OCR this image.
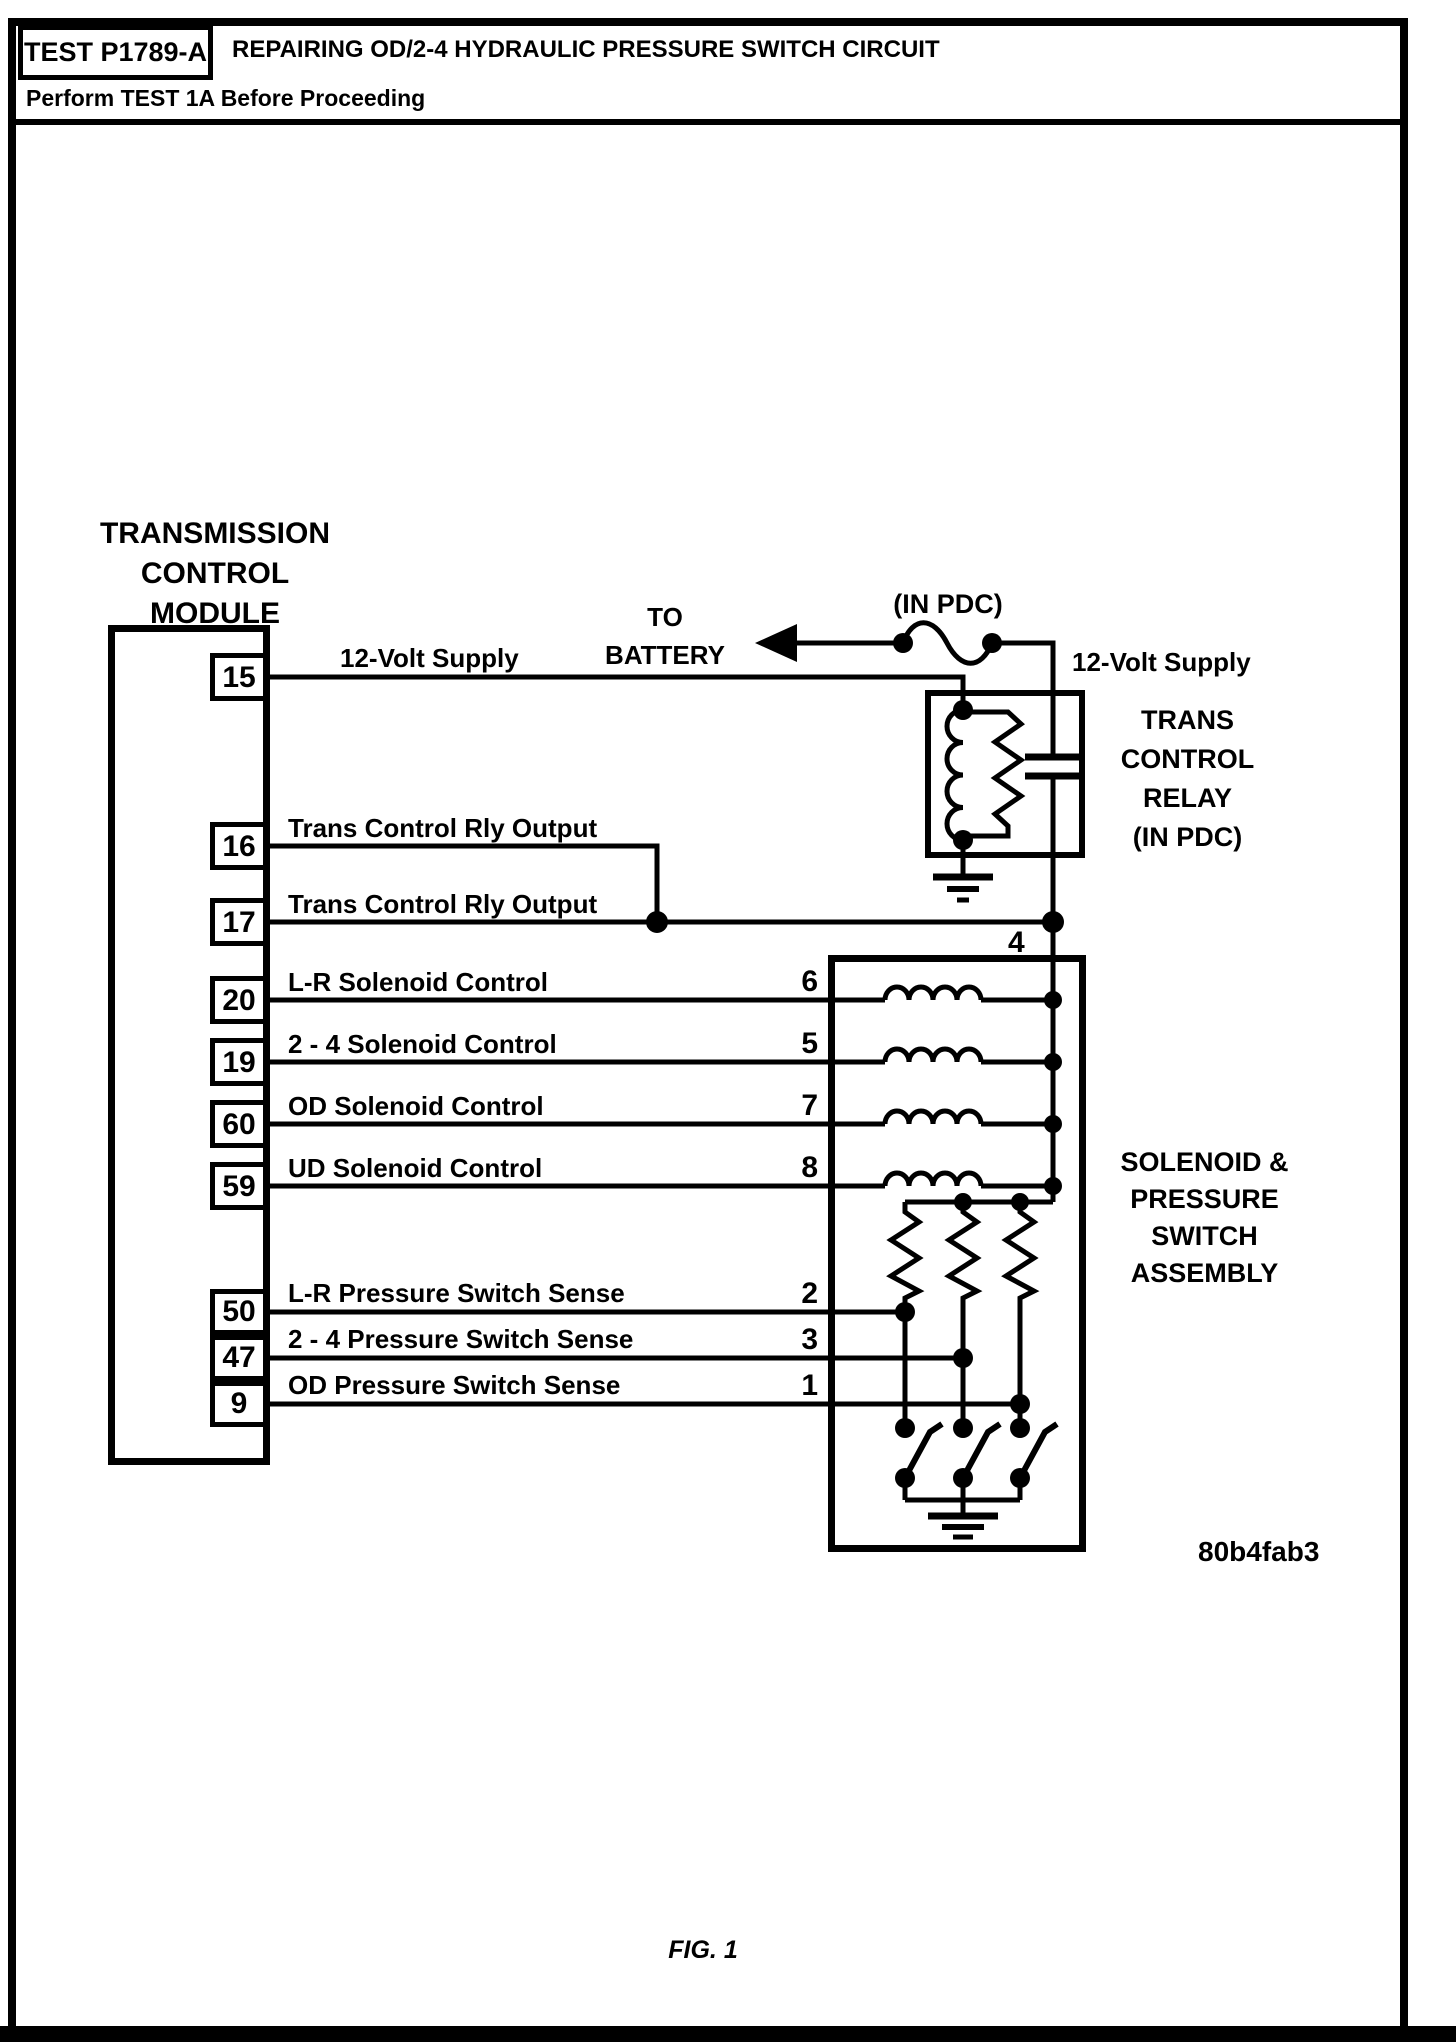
TEST P1789-A REPAIRING OD/2-4 HYDRAULIC PRESSURE SWITCH CIRCUIT
Perform TEST 1A Before Proceeding
TRANSMISSION
CONTROL
MODULE
15
16
17
20
19
60
59
50
47
9
12-Volt Supply
Trans Control Rly Output
Trans Control Rly Output
L-R Solenoid Control
2 - 4 Solenoid Control
OD Solenoid Control
UD Solenoid Control
L-R Pressure Switch Sense
2 - 4 Pressure Switch Sense
OD Pressure Switch Sense
6
5
7
8
2
3
1
TO
BATTERY
(IN PDC)
12-Volt Supply
TRANS
CONTROL
RELAY
(IN PDC)
4
SOLENOID &
PRESSURE
SWITCH
ASSEMBLY
80b4fab3
FIG. 1
